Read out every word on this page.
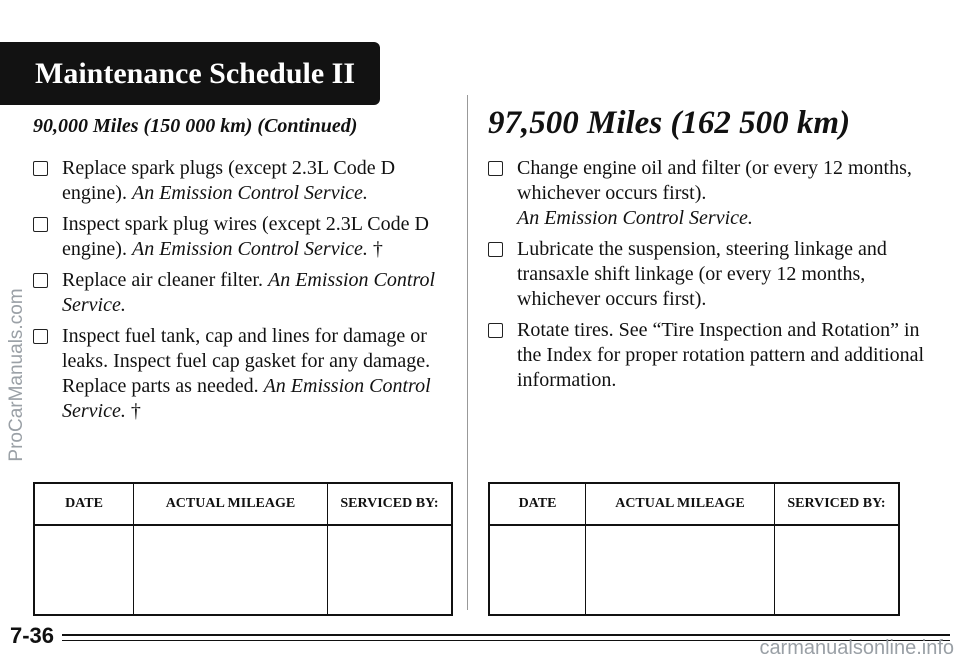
Maintenance Schedule II
ProCarManuals.com
90,000 Miles (150 000 km) (Continued)
Replace spark plugs (except 2.3L Code D engine). An Emission Control Service.
Inspect spark plug wires (except 2.3L Code D engine). An Emission Control Service. †
Replace air cleaner filter. An Emission Control Service.
Inspect fuel tank, cap and lines for damage or leaks. Inspect fuel cap gasket for any damage. Replace parts as needed. An Emission Control Service. †
97,500 Miles (162 500 km)
Change engine oil and filter (or every 12 months, whichever occurs first).
An Emission Control Service.
Lubricate the suspension, steering linkage and transaxle shift linkage (or every 12 months, whichever occurs first).
Rotate tires. See “Tire Inspection and Rotation” in the Index for proper rotation pattern and additional information.
DATE	ACTUAL MILEAGE	SERVICED BY:
			DATE	ACTUAL MILEAGE	SERVICED BY:

7-36	carmanualsonline.info
